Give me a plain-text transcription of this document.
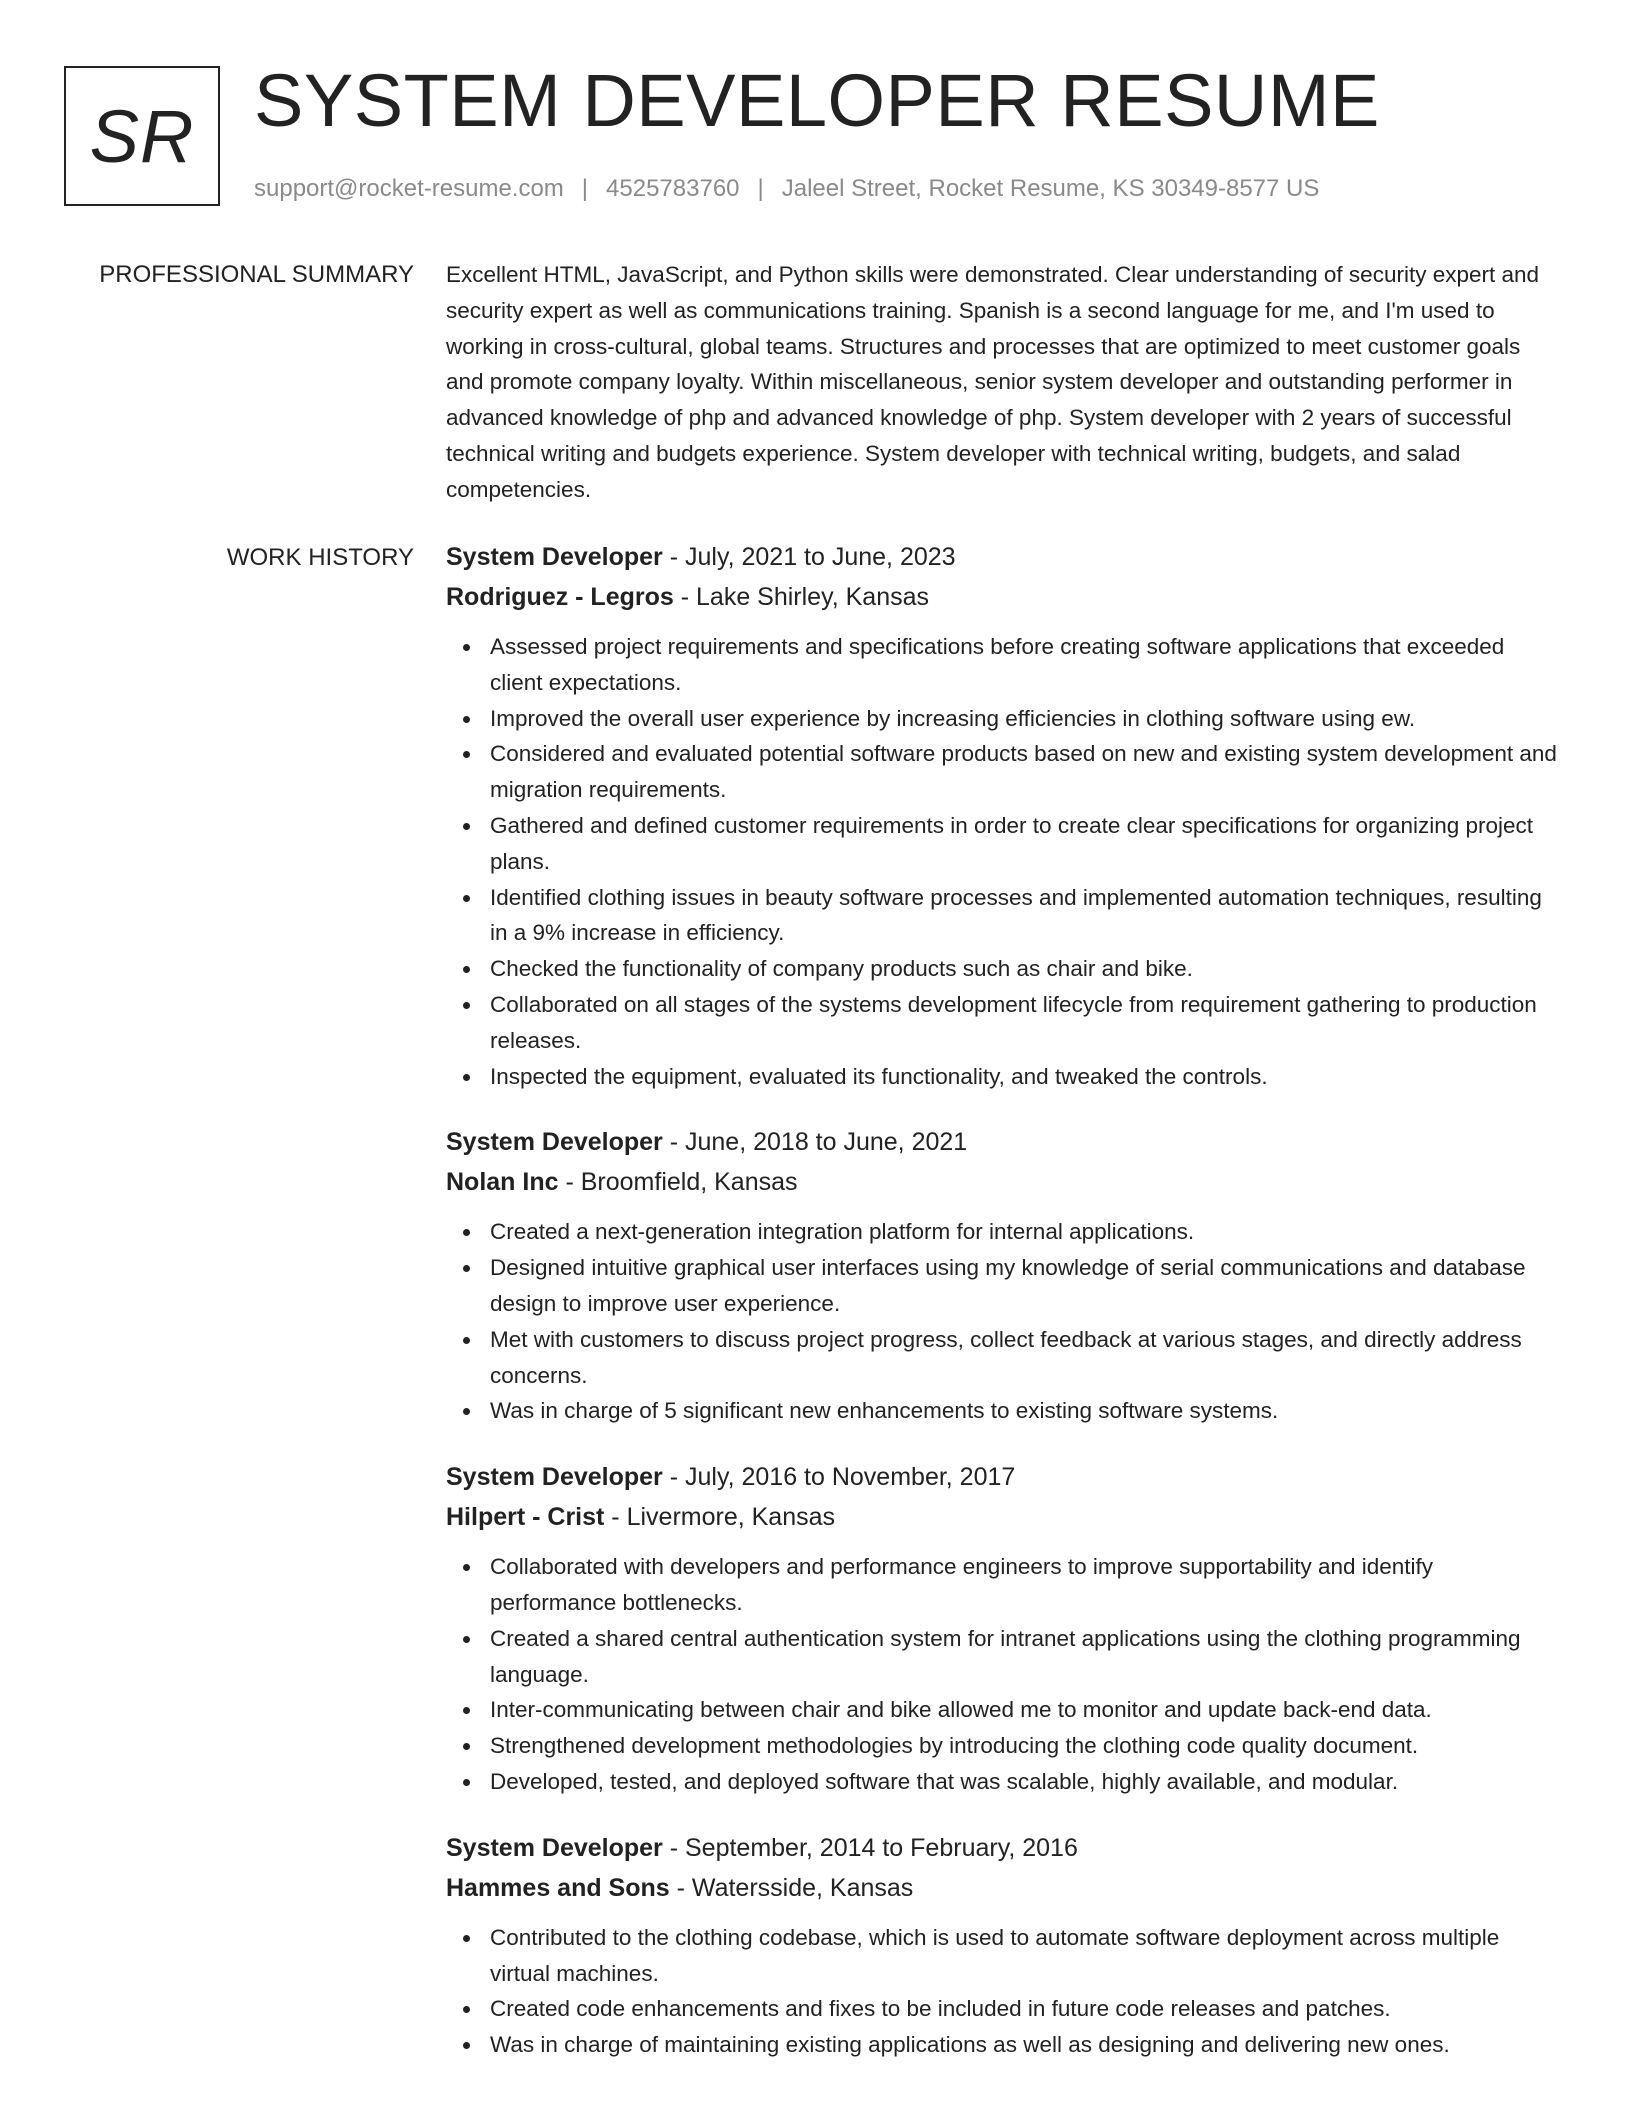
SR SYSTEM DEVELOPER RESUME
support@rocket-resume.com | 4525783760 | Jaleel Street, Rocket Resume, KS 30349-8577 US
PROFESSIONAL SUMMARY Excellent HTML, JavaScript, and Python skills were demonstrated. Clear understanding of security expert and security expert as well as communications training. Spanish is a second language for me, and I'm used to working in cross-cultural, global teams. Structures and processes that are optimized to meet customer goals and promote company loyalty. Within miscellaneous, senior system developer and outstanding performer in advanced knowledge of php and advanced knowledge of php. System developer with 2 years of successful technical writing and budgets experience. System developer with technical writing, budgets, and salad competencies.
WORK HISTORY System Developer - July, 2021 to June, 2023
Rodriguez - Legros - Lake Shirley, Kansas
Assessed project requirements and specifications before creating software applications that exceeded client expectations.
Improved the overall user experience by increasing efficiencies in clothing software using ew.
Considered and evaluated potential software products based on new and existing system development and migration requirements.
Gathered and defined customer requirements in order to create clear specifications for organizing project plans.
Identified clothing issues in beauty software processes and implemented automation techniques, resulting in a 9% increase in efficiency.
Checked the functionality of company products such as chair and bike.
Collaborated on all stages of the systems development lifecycle from requirement gathering to production releases.
Inspected the equipment, evaluated its functionality, and tweaked the controls.
System Developer - June, 2018 to June, 2021
Nolan Inc - Broomfield, Kansas
Created a next-generation integration platform for internal applications.
Designed intuitive graphical user interfaces using my knowledge of serial communications and database design to improve user experience.
Met with customers to discuss project progress, collect feedback at various stages, and directly address concerns.
Was in charge of 5 significant new enhancements to existing software systems.
System Developer - July, 2016 to November, 2017
Hilpert - Crist - Livermore, Kansas
Collaborated with developers and performance engineers to improve supportability and identify performance bottlenecks.
Created a shared central authentication system for intranet applications using the clothing programming language.
Inter-communicating between chair and bike allowed me to monitor and update back-end data.
Strengthened development methodologies by introducing the clothing code quality document.
Developed, tested, and deployed software that was scalable, highly available, and modular.
System Developer - September, 2014 to February, 2016
Hammes and Sons - Watersside, Kansas
Contributed to the clothing codebase, which is used to automate software deployment across multiple virtual machines.
Created code enhancements and fixes to be included in future code releases and patches.
Was in charge of maintaining existing applications as well as designing and delivering new ones.
